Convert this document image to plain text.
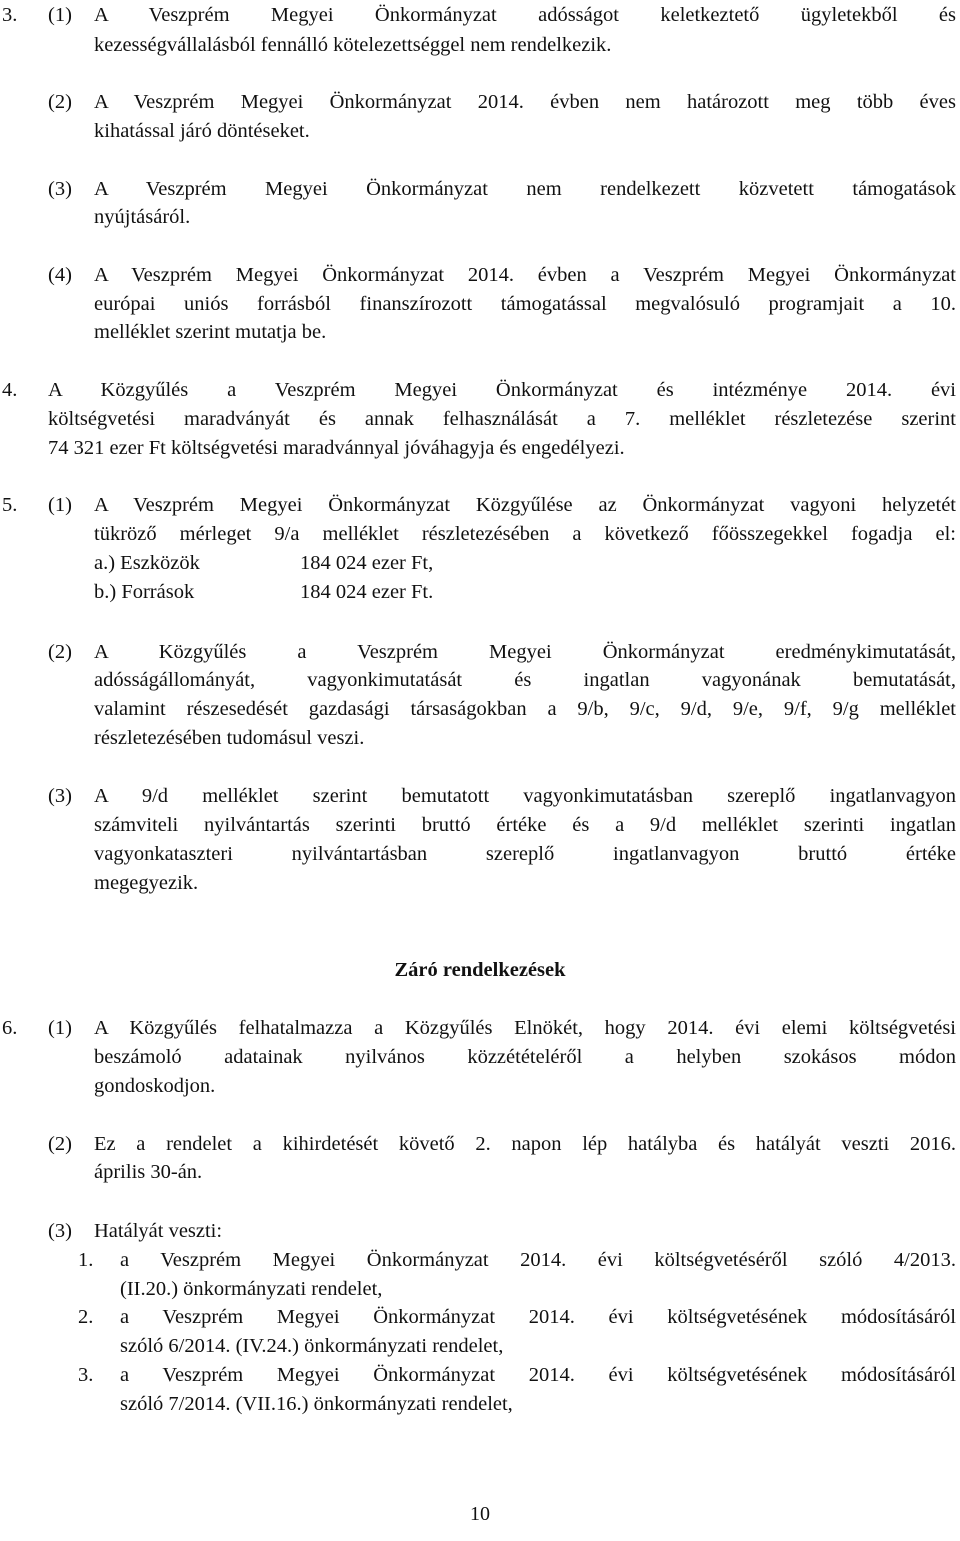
3. (1) A Veszprém Megyei Önkormányzat adósságot keletkeztető ügyletekből és
kezességvállalásból fennálló kötelezettséggel nem rendelkezik.
(2) A Veszprém Megyei Önkormányzat 2014. évben nem határozott meg több éves
kihatással járó döntéseket.
(3) A Veszprém Megyei Önkormányzat nem rendelkezett közvetett támogatások
nyújtásáról.
(4) A Veszprém Megyei Önkormányzat 2014. évben a Veszprém Megyei Önkormányzat
európai uniós forrásból finanszírozott támogatással megvalósuló programjait a 10.
melléklet szerint mutatja be.
4. A Közgyűlés a Veszprém Megyei Önkormányzat és intézménye 2014. évi
költségvetési maradványát és annak felhasználását a 7. melléklet részletezése szerint
74 321 ezer Ft költségvetési maradvánnyal jóváhagyja és engedélyezi.
5. (1) A Veszprém Megyei Önkormányzat Közgyűlése az Önkormányzat vagyoni helyzetét
tükröző mérleget 9/a melléklet részletezésében a következő főösszegekkel fogadja el:
a.) Eszközök	184 024 ezer Ft,
b.) Források	184 024 ezer Ft.
(2) A Közgyűlés a Veszprém Megyei Önkormányzat eredménykimutatását,
adósságállományát, vagyonkimutatását és ingatlan vagyonának bemutatását,
valamint részesedését gazdasági társaságokban a 9/b, 9/c, 9/d, 9/e, 9/f, 9/g melléklet
részletezésében tudomásul veszi.
(3) A 9/d melléklet szerint bemutatott vagyonkimutatásban szereplő ingatlanvagyon
számviteli nyilvántartás szerinti bruttó értéke és a 9/d melléklet szerinti ingatlan
vagyonkataszteri nyilvántartásban szereplő ingatlanvagyon bruttó értéke
megegyezik.
Záró rendelkezések
6. (1) A Közgyűlés felhatalmazza a Közgyűlés Elnökét, hogy 2014. évi elemi költségvetési
beszámoló adatainak nyilvános közzétételéről a helyben szokásos módon
gondoskodjon.
(2) Ez a rendelet a kihirdetését követő 2. napon lép hatályba és hatályát veszti 2016.
április 30-án.
(3) Hatályát veszti:
1. a Veszprém Megyei Önkormányzat 2014. évi költségvetéséről szóló 4/2013.
(II.20.) önkormányzati rendelet,
2. a Veszprém Megyei Önkormányzat 2014. évi költségvetésének módosításáról
szóló 6/2014. (IV.24.) önkormányzati rendelet,
3. a Veszprém Megyei Önkormányzat 2014. évi költségvetésének módosításáról
szóló 7/2014. (VII.16.) önkormányzati rendelet,
10
